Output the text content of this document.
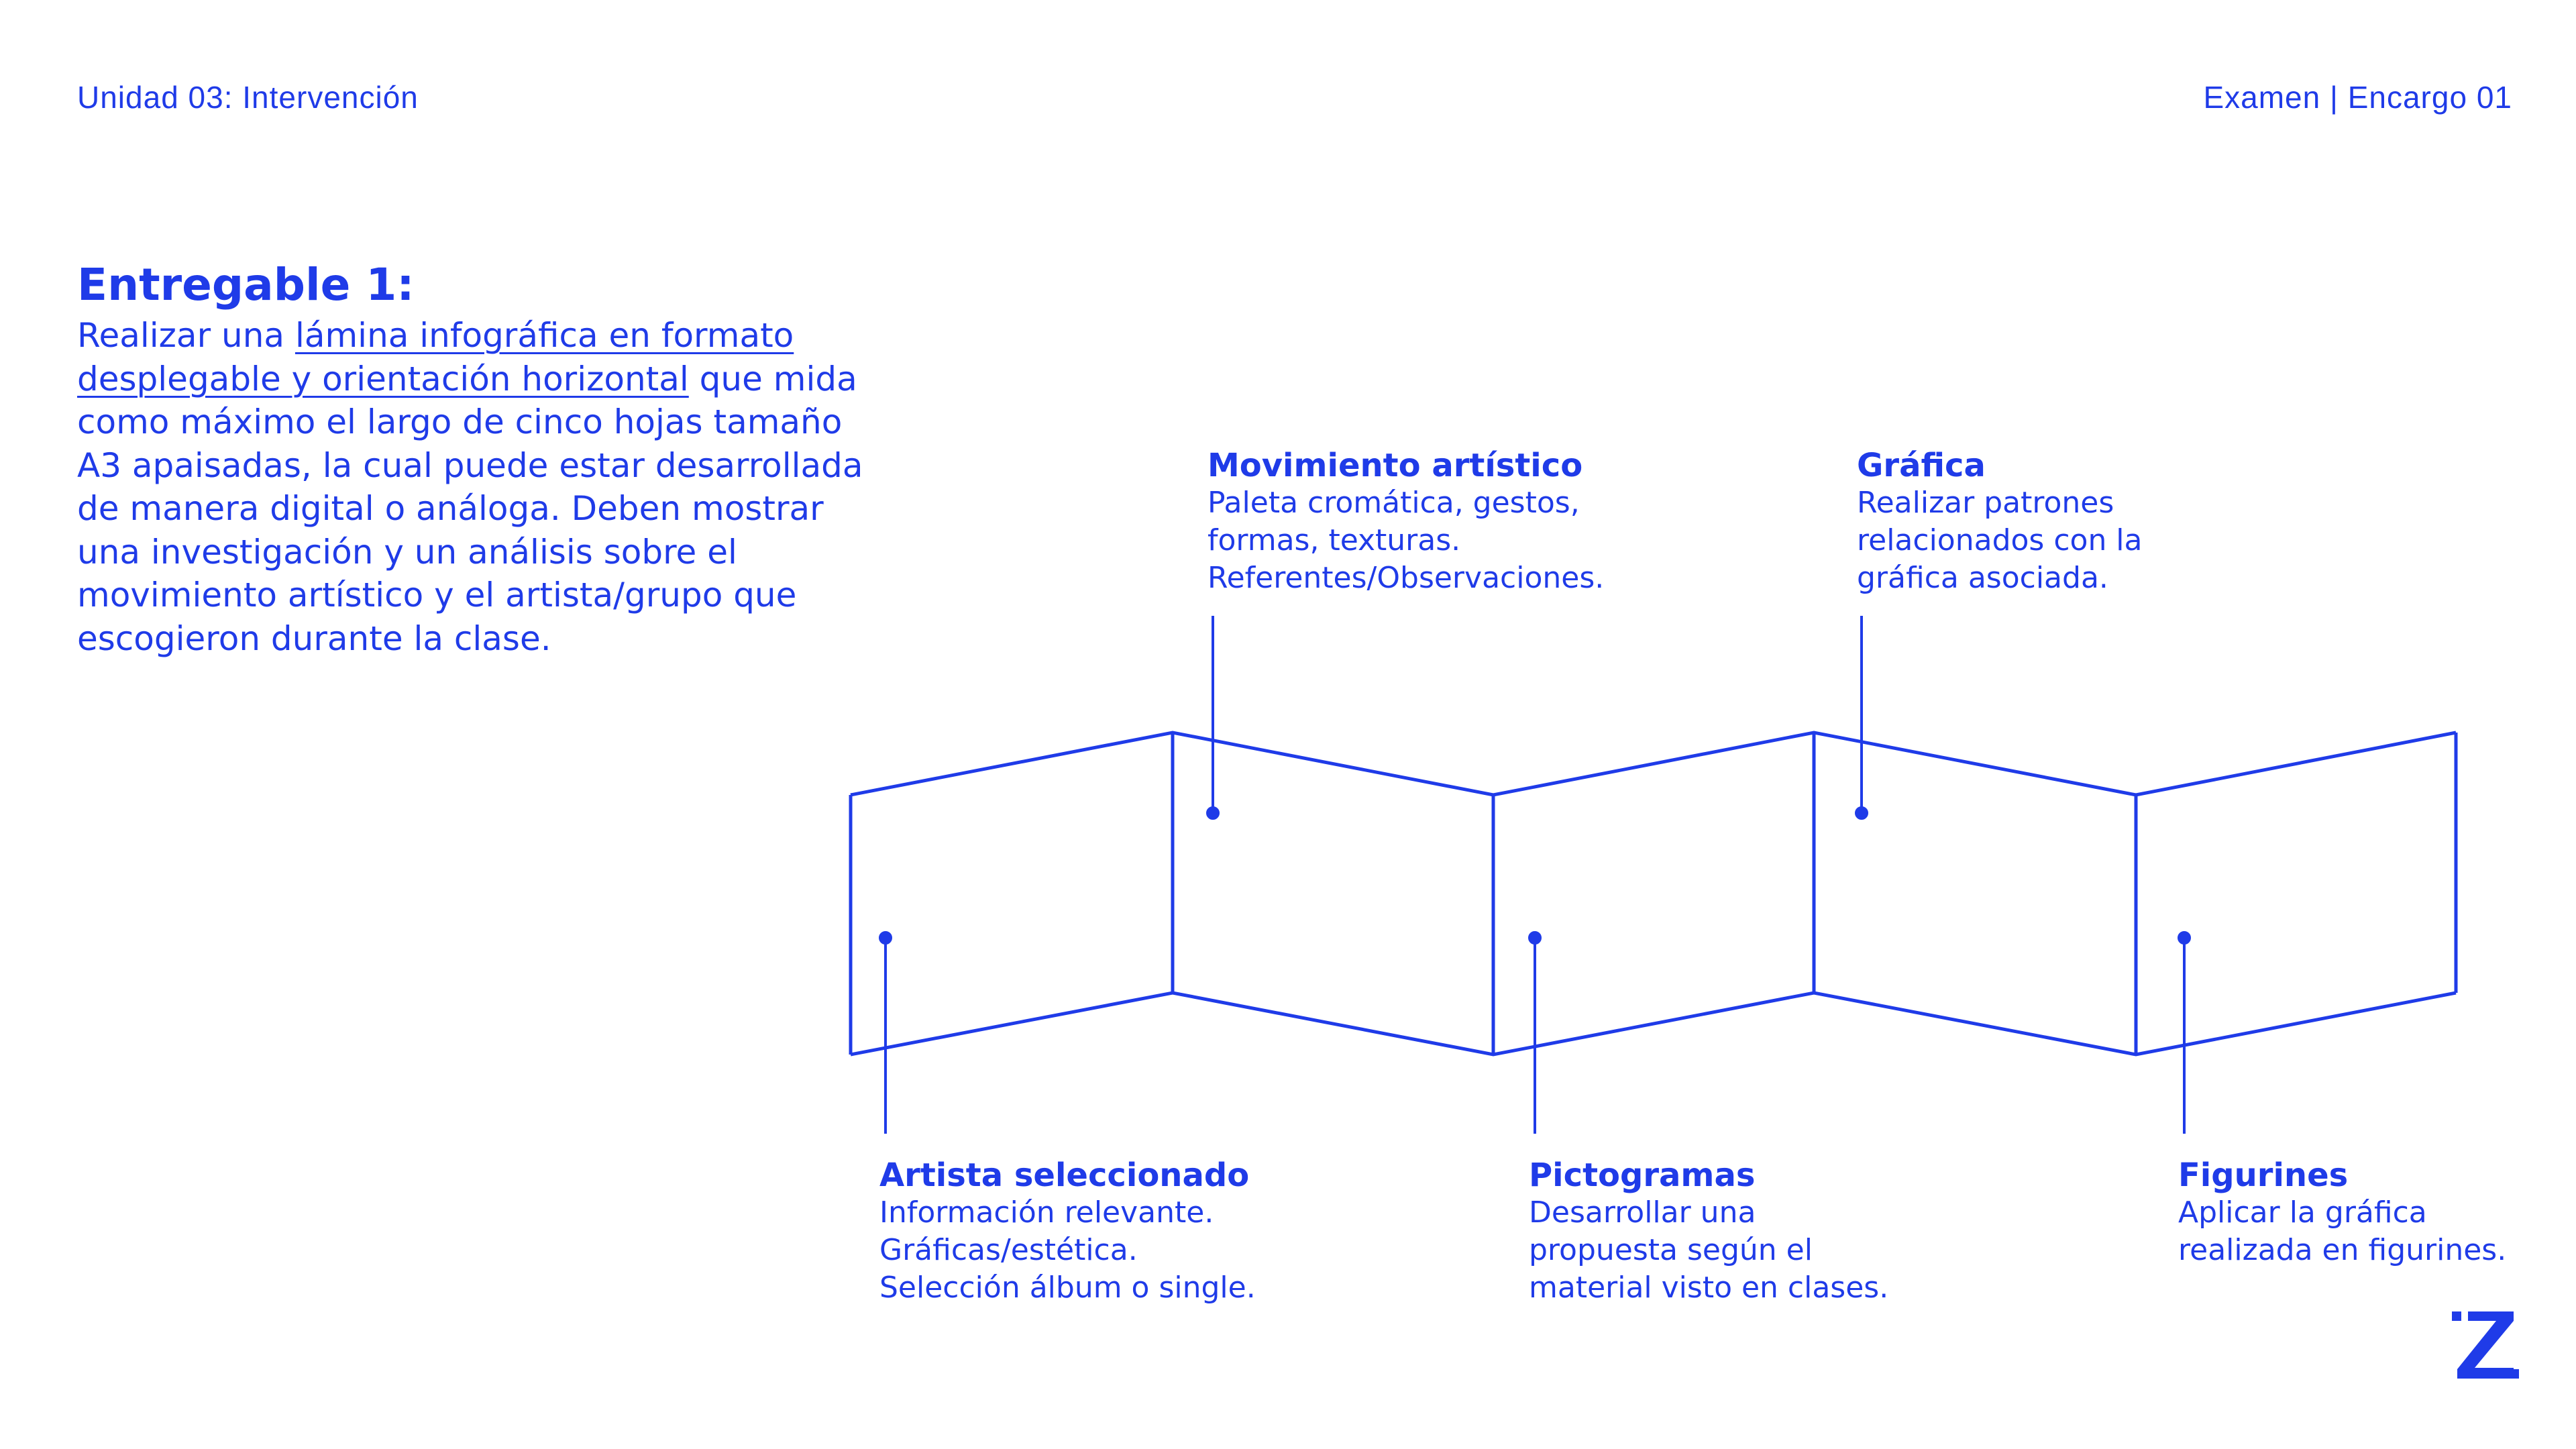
Unidad 03: Intervención	Examen | Encargo 01
Entregable 1:

Realizar una lámina infográfica en formato desplegable y orientación horizontal que mida como máximo el largo de cinco hojas tamaño A3 apaisadas, la cual puede estar desarrollada de manera digital o análoga. Deben mostrar una investigación y un análisis sobre el movimiento artístico y el artista/grupo que escogieron durante la clase.

Movimiento artístico
Paleta cromática, gestos,
formas, texturas.
Referentes/Observaciones.
Gráfica
Realizar patrones
relacionados con la
gráfica asociada.
Artista seleccionado
Información relevante.
Gráficas/estética.
Selección álbum o single.
Pictogramas
Desarrollar una
propuesta según el
material visto en clases.
Figurines
Aplicar la gráfica
realizada en figurines.
